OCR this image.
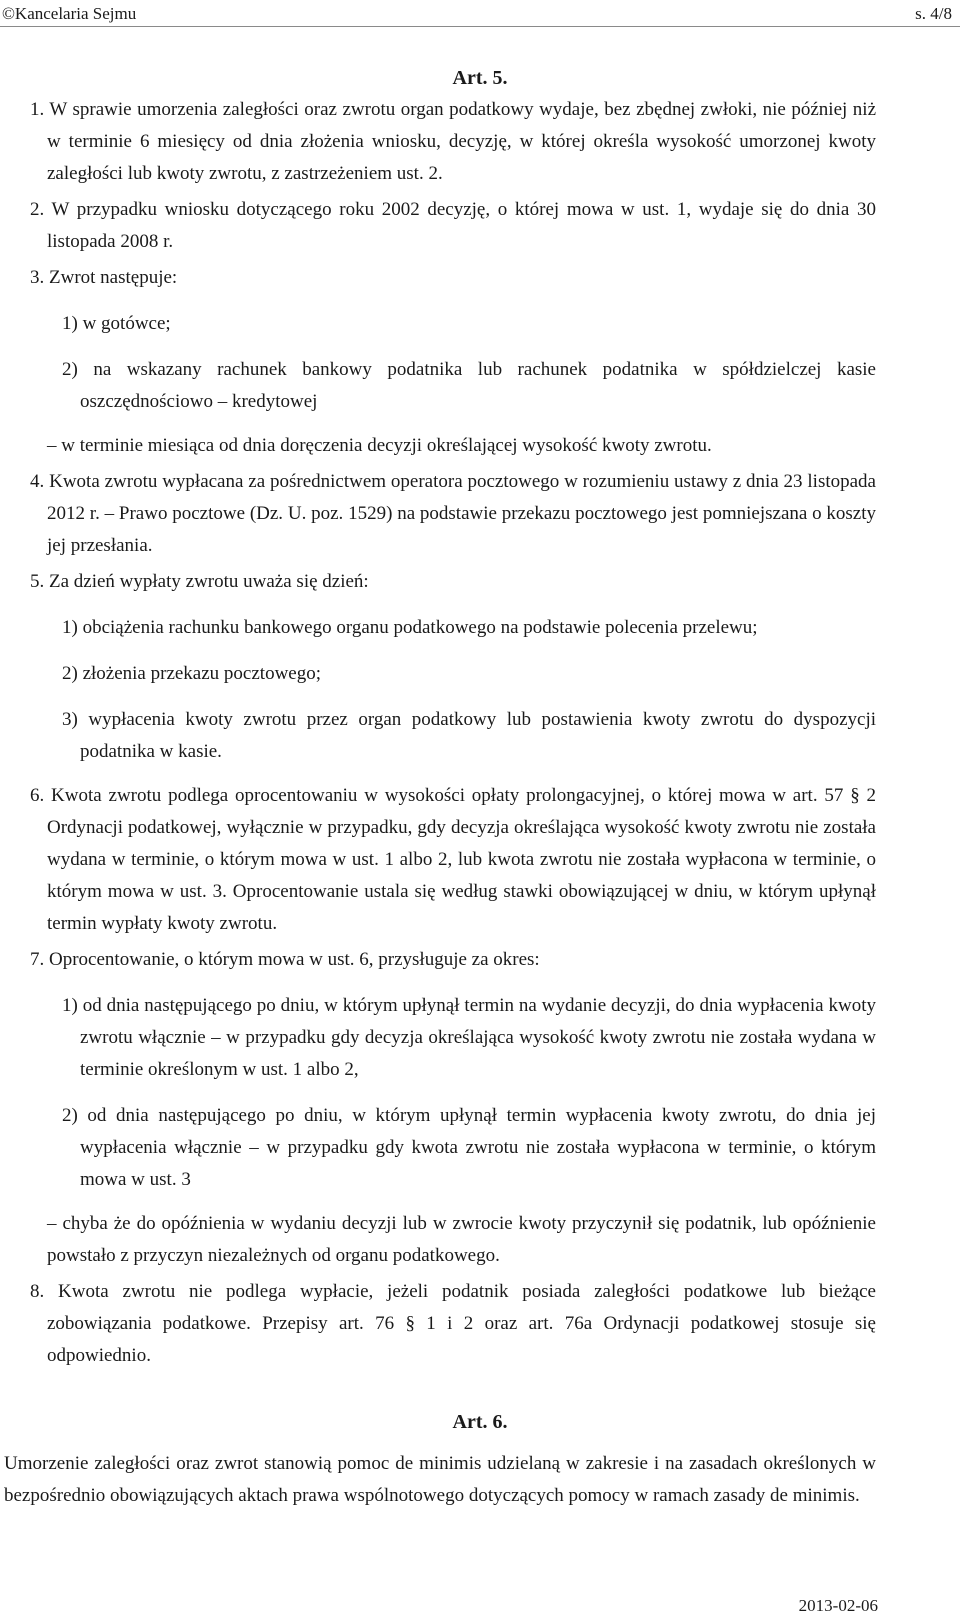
©Kancelaria Sejmu	s. 4/8
Art. 5.

1. W sprawie umorzenia zaległości oraz zwrotu organ podatkowy wydaje, bez zbędnej zwłoki, nie później niż w terminie 6 miesięcy od dnia złożenia wniosku, decyzję, w której określa wysokość umorzonej kwoty zaległości lub kwoty zwrotu, z zastrzeżeniem ust. 2.

2. W przypadku wniosku dotyczącego roku 2002 decyzję, o której mowa w ust. 1, wydaje się do dnia 30 listopada 2008 r.

3. Zwrot następuje:

1) w gotówce;

2) na wskazany rachunek bankowy podatnika lub rachunek podatnika w spółdzielczej kasie oszczędnościowo – kredytowej

– w terminie miesiąca od dnia doręczenia decyzji określającej wysokość kwoty zwrotu.

4. Kwota zwrotu wypłacana za pośrednictwem operatora pocztowego w rozumieniu ustawy z dnia 23 listopada 2012 r. – Prawo pocztowe (Dz. U. poz. 1529) na podstawie przekazu pocztowego jest pomniejszana o koszty jej przesłania.

5. Za dzień wypłaty zwrotu uważa się dzień:

1) obciążenia rachunku bankowego organu podatkowego na podstawie polecenia przelewu;

2) złożenia przekazu pocztowego;

3) wypłacenia kwoty zwrotu przez organ podatkowy lub postawienia kwoty zwrotu do dyspozycji podatnika w kasie.

6. Kwota zwrotu podlega oprocentowaniu w wysokości opłaty prolongacyjnej, o której mowa w art. 57 § 2 Ordynacji podatkowej, wyłącznie w przypadku, gdy decyzja określająca wysokość kwoty zwrotu nie została wydana w terminie, o którym mowa w ust. 1 albo 2, lub kwota zwrotu nie została wypłacona w terminie, o którym mowa w ust. 3. Oprocentowanie ustala się według stawki obowiązującej w dniu, w którym upłynął termin wypłaty kwoty zwrotu.

7. Oprocentowanie, o którym mowa w ust. 6, przysługuje za okres:

1) od dnia następującego po dniu, w którym upłynął termin na wydanie decyzji, do dnia wypłacenia kwoty zwrotu włącznie – w przypadku gdy decyzja określająca wysokość kwoty zwrotu nie została wydana w terminie określonym w ust. 1 albo 2,

2) od dnia następującego po dniu, w którym upłynął termin wypłacenia kwoty zwrotu, do dnia jej wypłacenia włącznie – w przypadku gdy kwota zwrotu nie została wypłacona w terminie, o którym mowa w ust. 3

– chyba że do opóźnienia w wydaniu decyzji lub w zwrocie kwoty przyczynił się podatnik, lub opóźnienie powstało z przyczyn niezależnych od organu podatkowego.

8. Kwota zwrotu nie podlega wypłacie, jeżeli podatnik posiada zaległości podatkowe lub bieżące zobowiązania podatkowe. Przepisy art. 76 § 1 i 2 oraz art. 76a Ordynacji podatkowej stosuje się odpowiednio.

Art. 6.

Umorzenie zaległości oraz zwrot stanowią pomoc de minimis udzielaną w zakresie i na zasadach określonych w bezpośrednio obowiązujących aktach prawa wspólnotowego dotyczących pomocy w ramach zasady de minimis.

2013-02-06
